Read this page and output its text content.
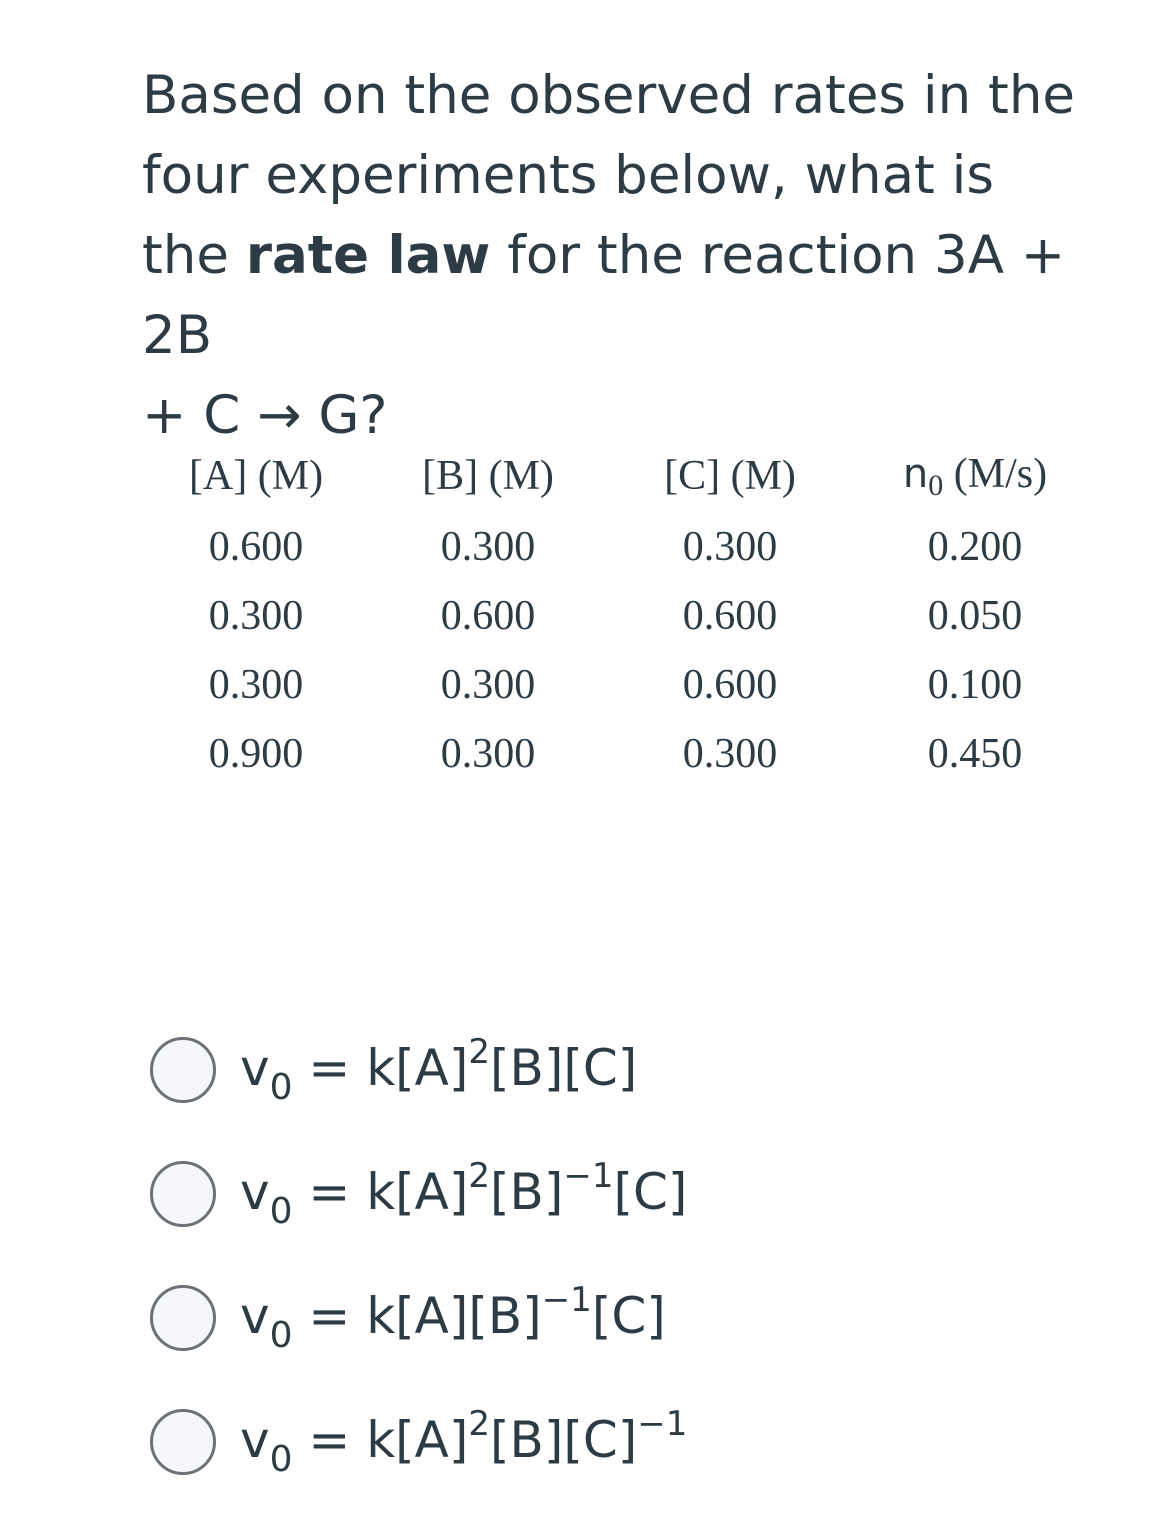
Based on the observed rates in the
four experiments below, what is
the rate law for the reaction 3A + 2B
+ C → G?
[A] (M)	[B] (M)	[C] (M)	n0 (M/s)
0.600	0.300	0.300	0.200
0.300	0.600	0.600	0.050
0.300	0.300	0.600	0.100
0.900	0.300	0.300	0.450
$v_0 = k[A]^2[B][C]$
$v_0 = k[A]^2[B]^{-1}[C]$
$v_0 = k[A][B]^{-1}[C]$
$v_0 = k[A]^2[B][C]^{-1}$
